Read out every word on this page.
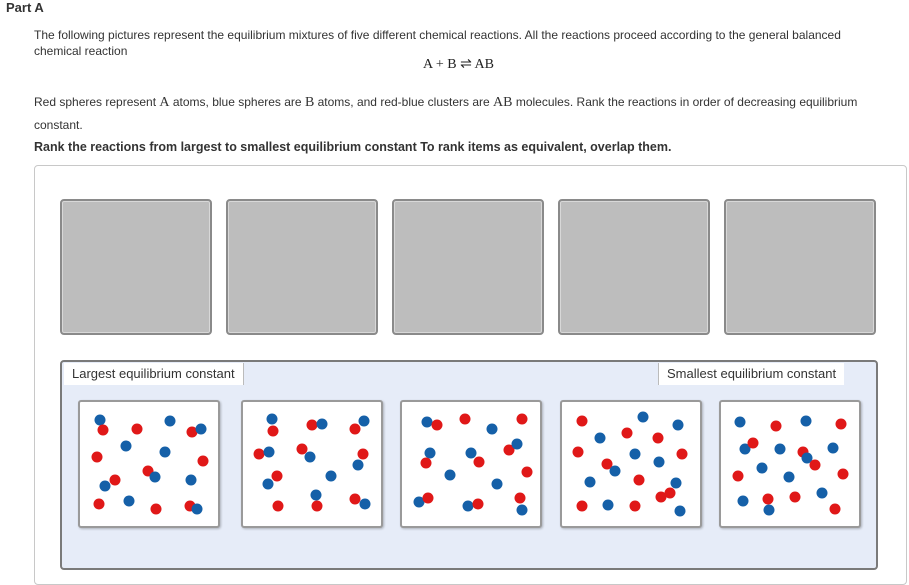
Part A
The following pictures represent the equilibrium mixtures of five different chemical reactions. All the reactions proceed according to the general balanced chemical reaction
A + B ⇌ AB
Red spheres represent A atoms, blue spheres are B atoms, and red-blue clusters are AB molecules. Rank the reactions in order of decreasing equilibrium constant.
Rank the reactions from largest to smallest equilibrium constant To rank items as equivalent, overlap them.
Largest equilibrium constant	Smallest equilibrium constant
